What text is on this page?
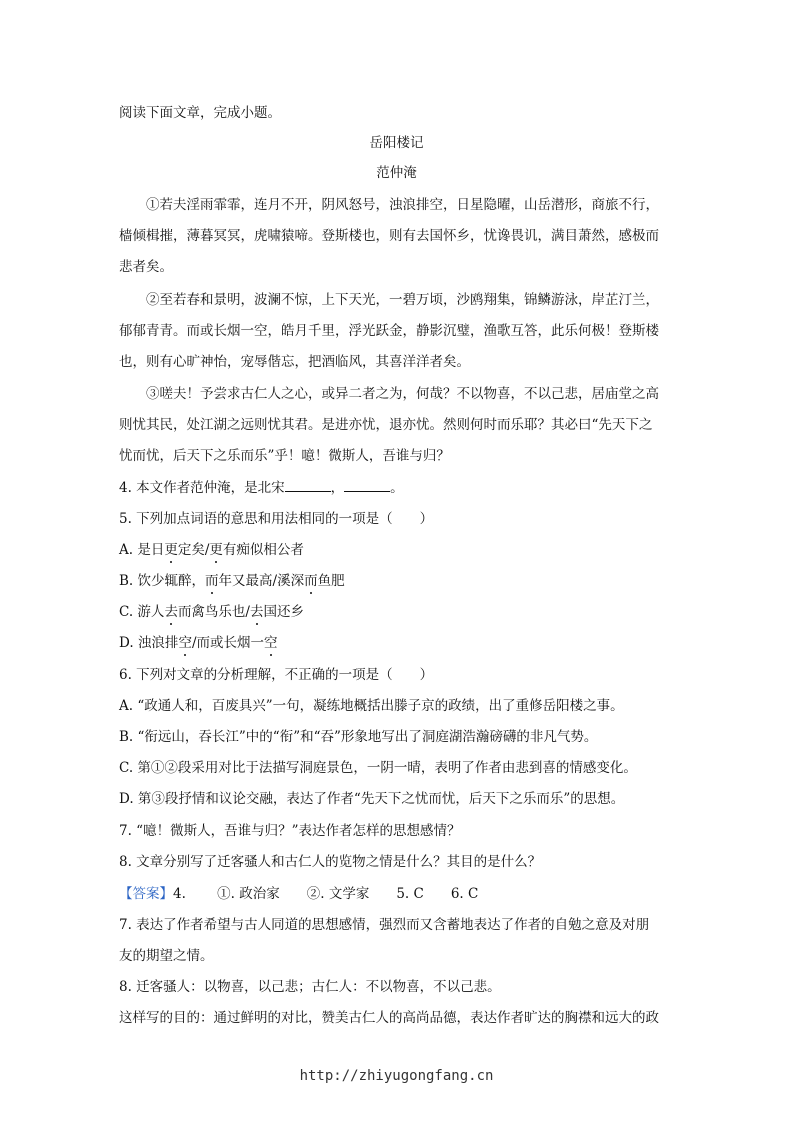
阅读下面文章，完成小题。
岳阳楼记
范仲淹
①若夫淫雨霏霏，连月不开，阴风怒号，浊浪排空，日星隐曜，山岳潜形，商旅不行，
樯倾楫摧，薄暮冥冥，虎啸猿啼。登斯楼也，则有去国怀乡，忧谗畏讥，满目萧然，感极而
悲者矣。
②至若春和景明，波澜不惊，上下天光，一碧万顷，沙鸥翔集，锦鳞游泳，岸芷汀兰，
郁郁青青。而或长烟一空，皓月千里，浮光跃金，静影沉璧，渔歌互答，此乐何极！登斯楼
也，则有心旷神怡，宠辱偕忘，把酒临风，其喜洋洋者矣。
③嗟夫！予尝求古仁人之心，或异二者之为，何哉？不以物喜，不以己悲，居庙堂之高
则忧其民，处江湖之远则忧其君。是进亦忧，退亦忧。然则何时而乐耶？其必曰“先天下之
忧而忧，后天下之乐而乐”乎！噫！微斯人，吾谁与归？
4. 本文作者范仲淹，是北宋	，	。
5. 下列加点词语的意思和用法相同的一项是（　　）
A. 是日更定矣/更有痴似相公者
B. 饮少辄醉，而年又最高/溪深而鱼肥
C. 游人去而禽鸟乐也/去国还乡
D. 浊浪排空/而或长烟一空
6. 下列对文章的分析理解，不正确的一项是（　　）
A. “政通人和，百废具兴”一句，凝练地概括出滕子京的政绩，出了重修岳阳楼之事。
B. “衔远山，吞长江”中的“衔”和“吞”形象地写出了洞庭湖浩瀚磅礴的非凡气势。
C. 第①②段采用对比于法描写洞庭景色，一阴一晴，表明了作者由悲到喜的情感变化。
D. 第③段抒情和议论交融，表达了作者“先天下之忧而忧，后天下之乐而乐”的思想。
7. “噫！微斯人，吾谁与归？”表达作者怎样的思想感情？
8. 文章分别写了迁客骚人和古仁人的览物之情是什么？其目的是什么？
【答案】4.　　 ①. 政治家　　②. 文学家　　5. C　　6. C
7. 表达了作者希望与古人同道的思想感情，强烈而又含蓄地表达了作者的自勉之意及对朋
友的期望之情。
8. 迁客骚人：以物喜，以己悲；古仁人：不以物喜，不以己悲。
这样写的目的：通过鲜明的对比，赞美古仁人的高尚品德，表达作者旷达的胸襟和远大的政
http://zhiyugongfang.cn
